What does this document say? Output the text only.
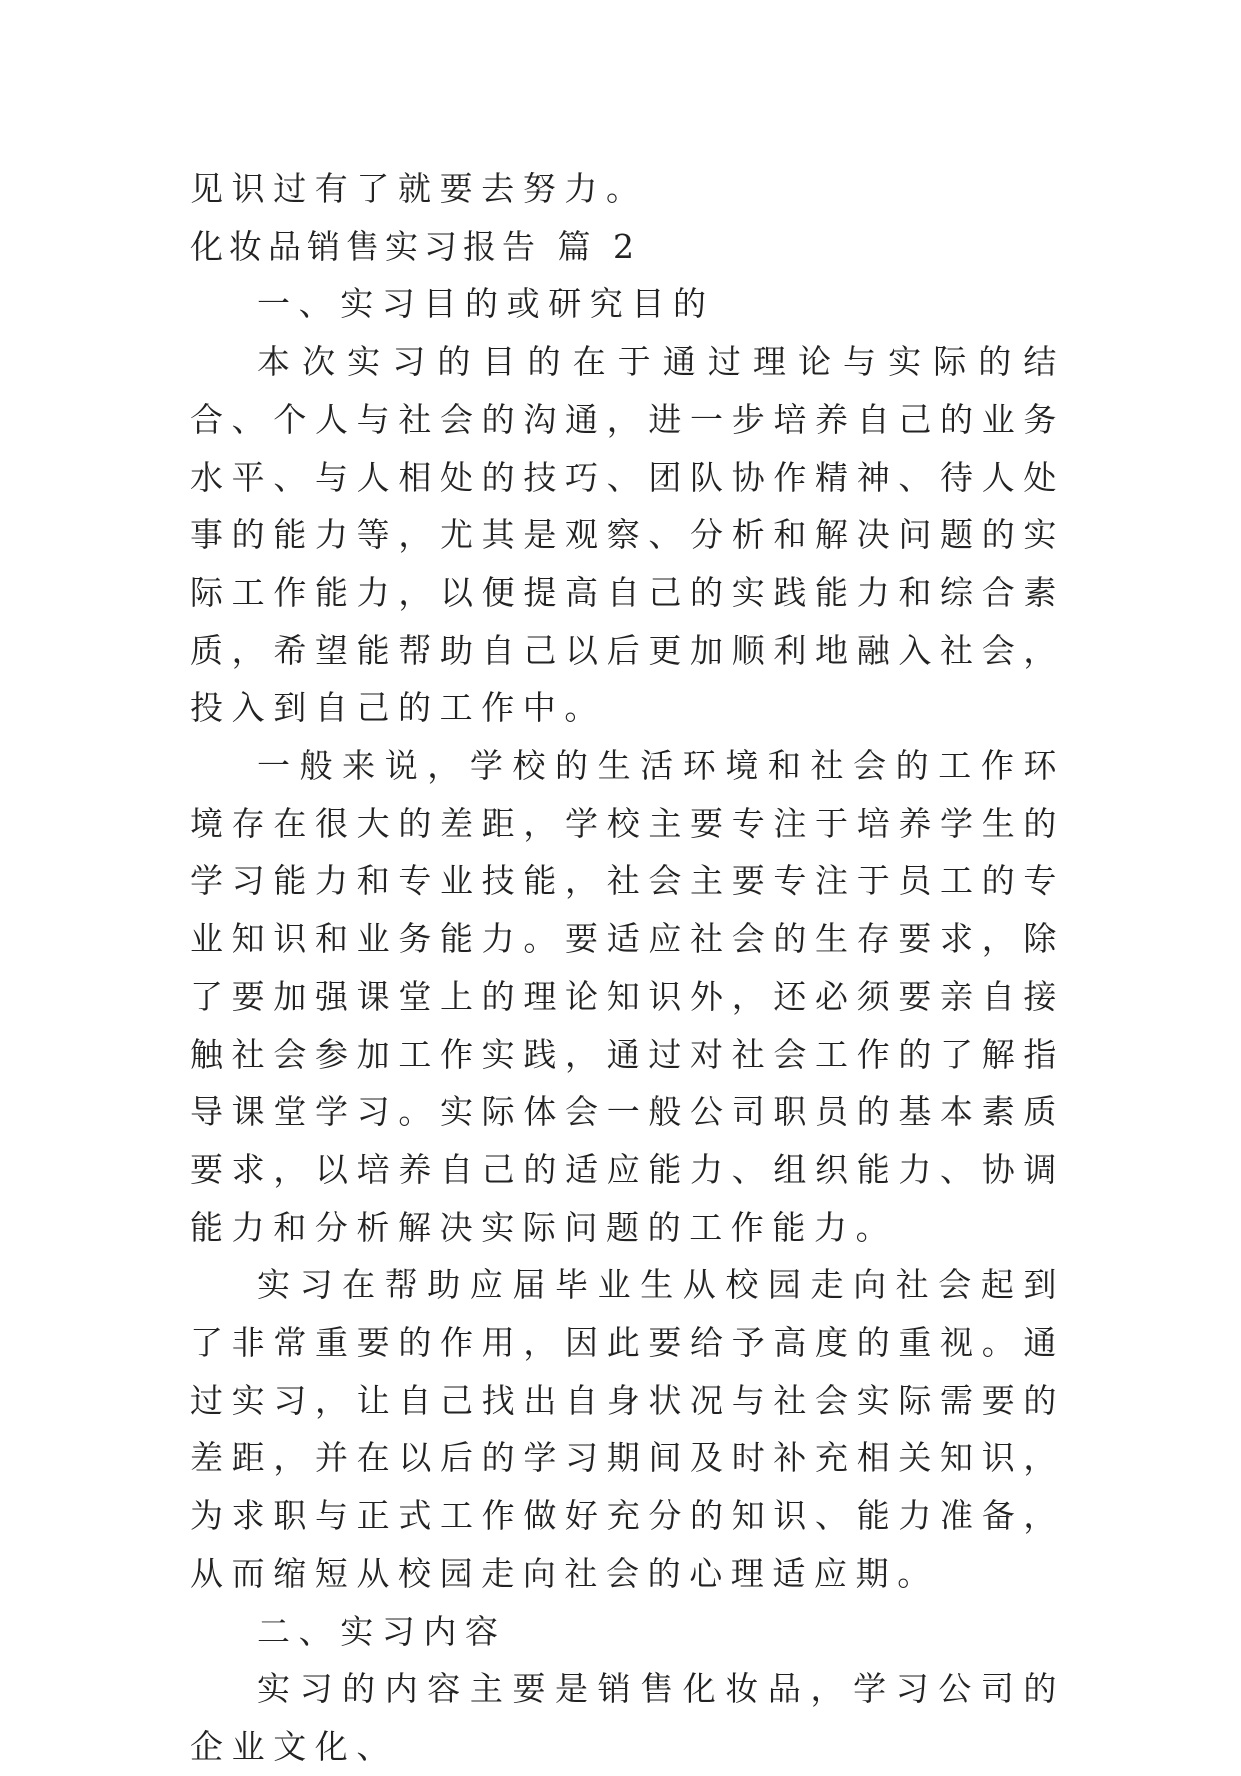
见识过有了就要去努力。

化妆品销售实习报告 篇 2

一、实习目的或研究目的

本次实习的目的在于通过理论与实际的结合、个人与社会的沟通，进一步培养自己的业务水平、与人相处的技巧、团队协作精神、待人处事的能力等，尤其是观察、分析和解决问题的实际工作能力，以便提高自己的实践能力和综合素质，希望能帮助自己以后更加顺利地融入社会，投入到自己的工作中。

一般来说，学校的生活环境和社会的工作环境存在很大的差距，学校主要专注于培养学生的学习能力和专业技能，社会主要专注于员工的专业知识和业务能力。要适应社会的生存要求，除了要加强课堂上的理论知识外，还必须要亲自接触社会参加工作实践，通过对社会工作的了解指导课堂学习。实际体会一般公司职员的基本素质要求，以培养自己的适应能力、组织能力、协调能力和分析解决实际问题的工作能力。

实习在帮助应届毕业生从校园走向社会起到了非常重要的作用，因此要给予高度的重视。通过实习，让自己找出自身状况与社会实际需要的差距，并在以后的学习期间及时补充相关知识，为求职与正式工作做好充分的知识、能力准备，从而缩短从校园走向社会的心理适应期。

二、实习内容

实习的内容主要是销售化妆品，学习公司的企业文化、
